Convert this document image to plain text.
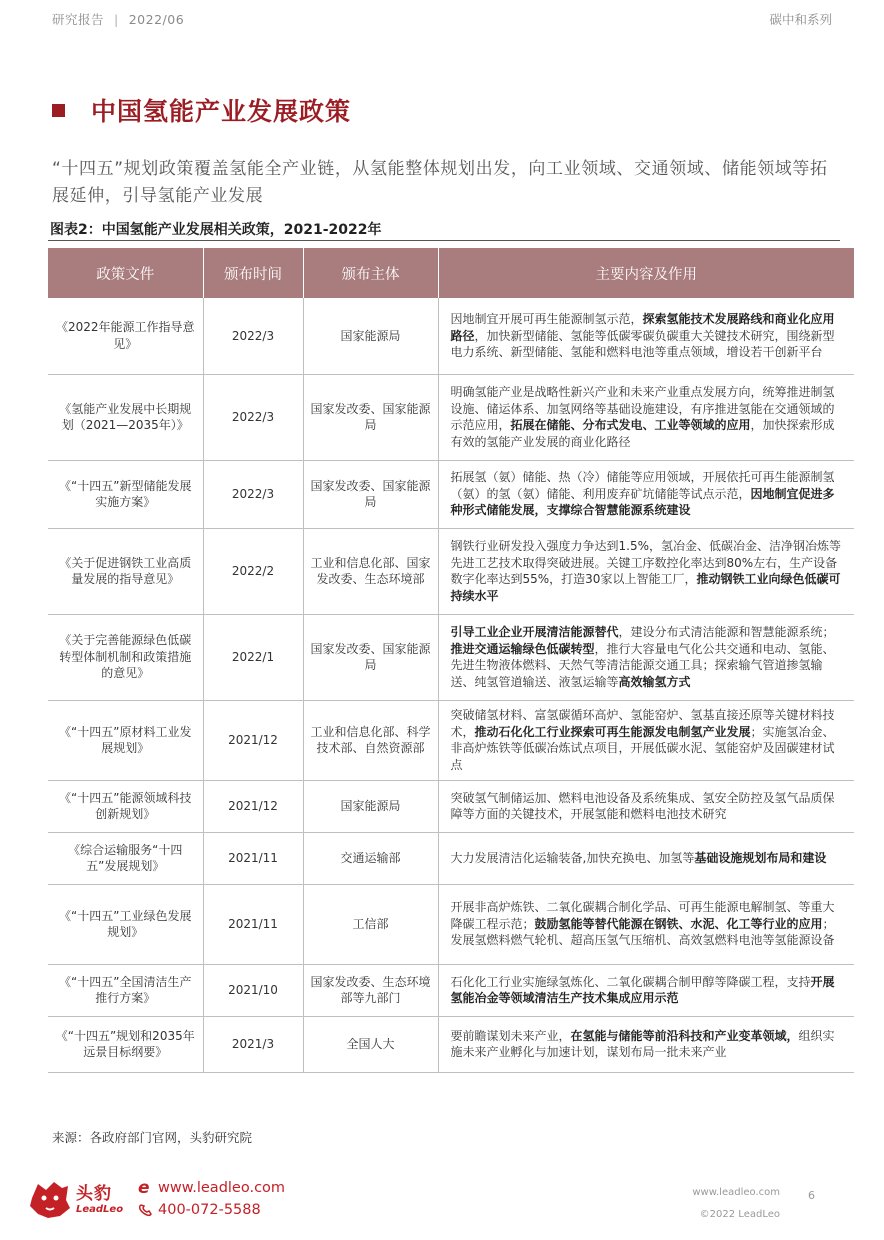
研究报告 | 2022/06	碳中和系列
中国氢能产业发展政策

“十四五”规划政策覆盖氢能全产业链，从氢能整体规划出发，向工业领域、交通领域、储能领域等拓展延伸，引导氢能产业发展

图表2：中国氢能产业发展相关政策，2021-2022年
政策文件	颁布时间	颁布主体	主要内容及作用
《2022年能源工作指导意见》	2022/3	国家能源局	因地制宜开展可再生能源制氢示范，探索氢能技术发展路线和商业化应用路径，加快新型储能、氢能等低碳零碳负碳重大关键技术研究，围绕新型电力系统、新型储能、氢能和燃料电池等重点领域，增设若干创新平台
《氢能产业发展中长期规划（2021—2035年）》	2022/3	国家发改委、国家能源局	明确氢能产业是战略性新兴产业和未来产业重点发展方向，统筹推进制氢设施、储运体系、加氢网络等基础设施建设，有序推进氢能在交通领域的示范应用，拓展在储能、分布式发电、工业等领域的应用，加快探索形成有效的氢能产业发展的商业化路径
《“十四五”新型储能发展实施方案》	2022/3	国家发改委、国家能源局	拓展氢（氨）储能、热（冷）储能等应用领域，开展依托可再生能源制氢（氨）的氢（氨）储能、利用废弃矿坑储能等试点示范，因地制宜促进多种形式储能发展，支撑综合智慧能源系统建设
《关于促进钢铁工业高质量发展的指导意见》	2022/2	工业和信息化部、国家发改委、生态环境部	钢铁行业研发投入强度力争达到1.5%，氢冶金、低碳冶金、洁净钢冶炼等先进工艺技术取得突破进展。关键工序数控化率达到80%左右，生产设备数字化率达到55%，打造30家以上智能工厂，推动钢铁工业向绿色低碳可持续水平
《关于完善能源绿色低碳转型体制机制和政策措施的意见》	2022/1	国家发改委、国家能源局	引导工业企业开展清洁能源替代，建设分布式清洁能源和智慧能源系统；推进交通运输绿色低碳转型，推行大容量电气化公共交通和电动、氢能、先进生物液体燃料、天然气等清洁能源交通工具；探索输气管道掺氢输送、纯氢管道输送、液氢运输等高效输氢方式
《“十四五”原材料工业发展规划》	2021/12	工业和信息化部、科学技术部、自然资源部	突破储氢材料、富氢碳循环高炉、氢能窑炉、氢基直接还原等关键材料技术，推动石化化工行业探索可再生能源发电制氢产业发展；实施氢冶金、非高炉炼铁等低碳冶炼试点项目，开展低碳水泥、氢能窑炉及固碳建材试点
《“十四五”能源领域科技创新规划》	2021/12	国家能源局	突破氢气制储运加、燃料电池设备及系统集成、氢安全防控及氢气品质保障等方面的关键技术，开展氢能和燃料电池技术研究
《综合运输服务“十四五”发展规划》	2021/11	交通运输部	大力发展清洁化运输装备,加快充换电、加氢等基础设施规划布局和建设
《“十四五”工业绿色发展规划》	2021/11	工信部	开展非高炉炼铁、二氧化碳耦合制化学品、可再生能源电解制氢、等重大降碳工程示范；鼓励氢能等替代能源在钢铁、水泥、化工等行业的应用；发展氢燃料燃气轮机、超高压氢气压缩机、高效氢燃料电池等氢能源设备
《“十四五”全国清洁生产推行方案》	2021/10	国家发改委、生态环境部等九部门	石化化工行业实施绿氢炼化、二氧化碳耦合制甲醇等降碳工程，支持开展氢能冶金等领域清洁生产技术集成应用示范
《“十四五”规划和2035年远景目标纲要》	2021/3	全国人大	要前瞻谋划未来产业，在氢能与储能等前沿科技和产业变革领域，组织实施未来产业孵化与加速计划，谋划布局一批未来产业
来源：各政府部门官网，头豹研究院
头豹
LeadLeo
e www.leadleo.com
400-072-5588
www.leadleo.com
©2022 LeadLeo
6
